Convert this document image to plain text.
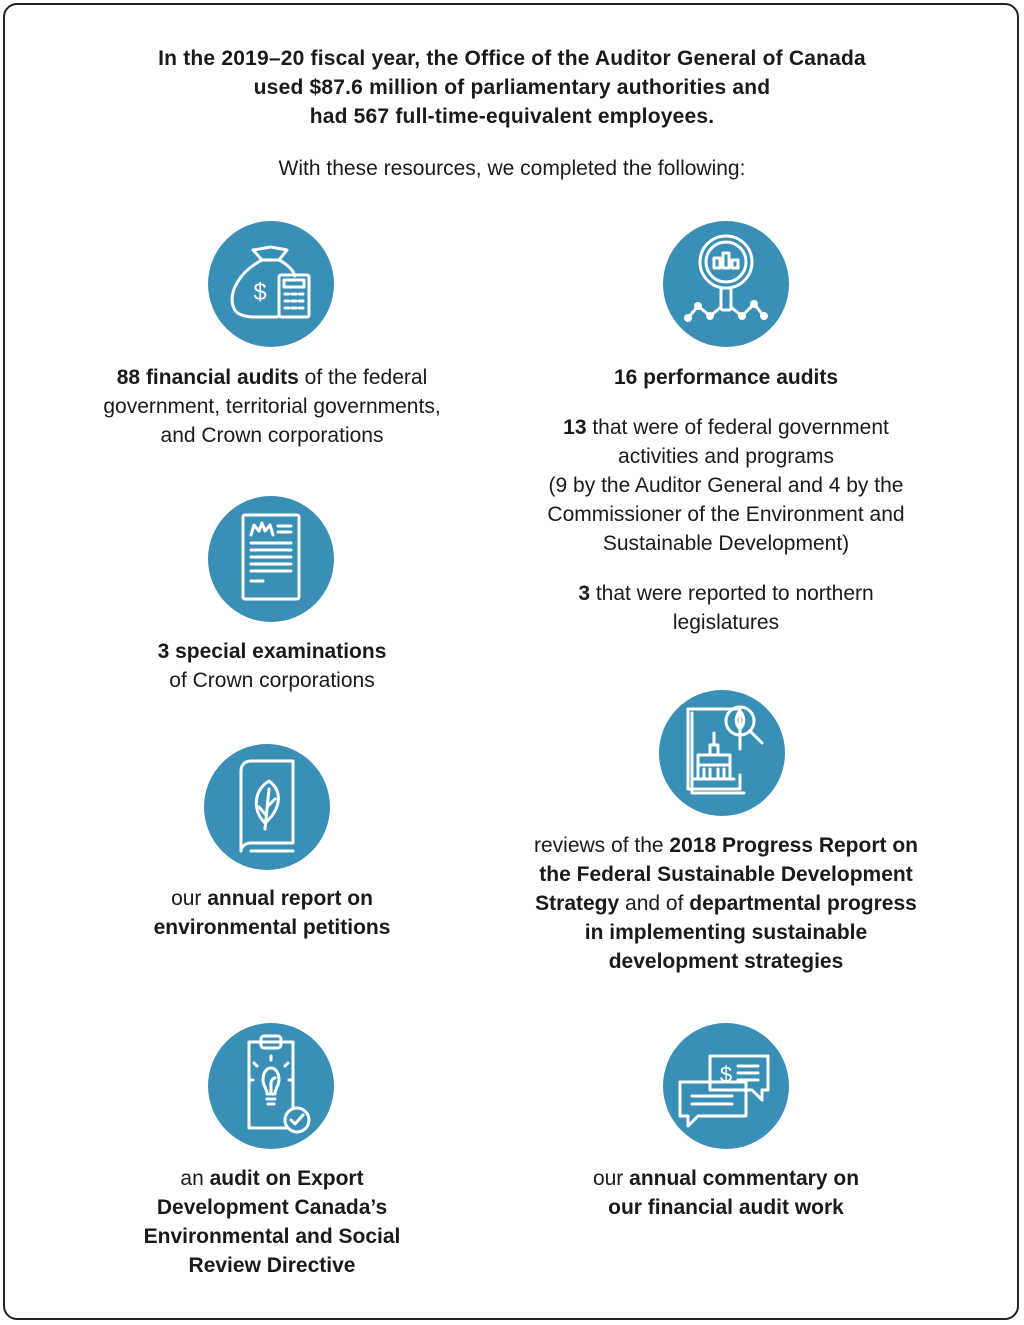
In the 2019–20 fiscal year, the Office of the Auditor General of Canada
used $87.6 million of parliamentary authorities and
had 567 full-time-equivalent employees.
With these resources, we completed the following:
$

88 financial audits of the federal

government, territorial governments,

and Crown corporations

16 performance audits

13 that were of federal government

activities and programs

(9 by the Auditor General and 4 by the

Commissioner of the Environment and

Sustainable Development)

3 that were reported to northern

legislatures

3 special examinations

of Crown corporations

reviews of the 2018 Progress Report on

the Federal Sustainable Development

Strategy and of departmental progress

in implementing sustainable

development strategies

our annual report on

environmental petitions

$

an audit on Export

Development Canada’s

Environmental and Social

Review Directive

our annual commentary on

our financial audit work
